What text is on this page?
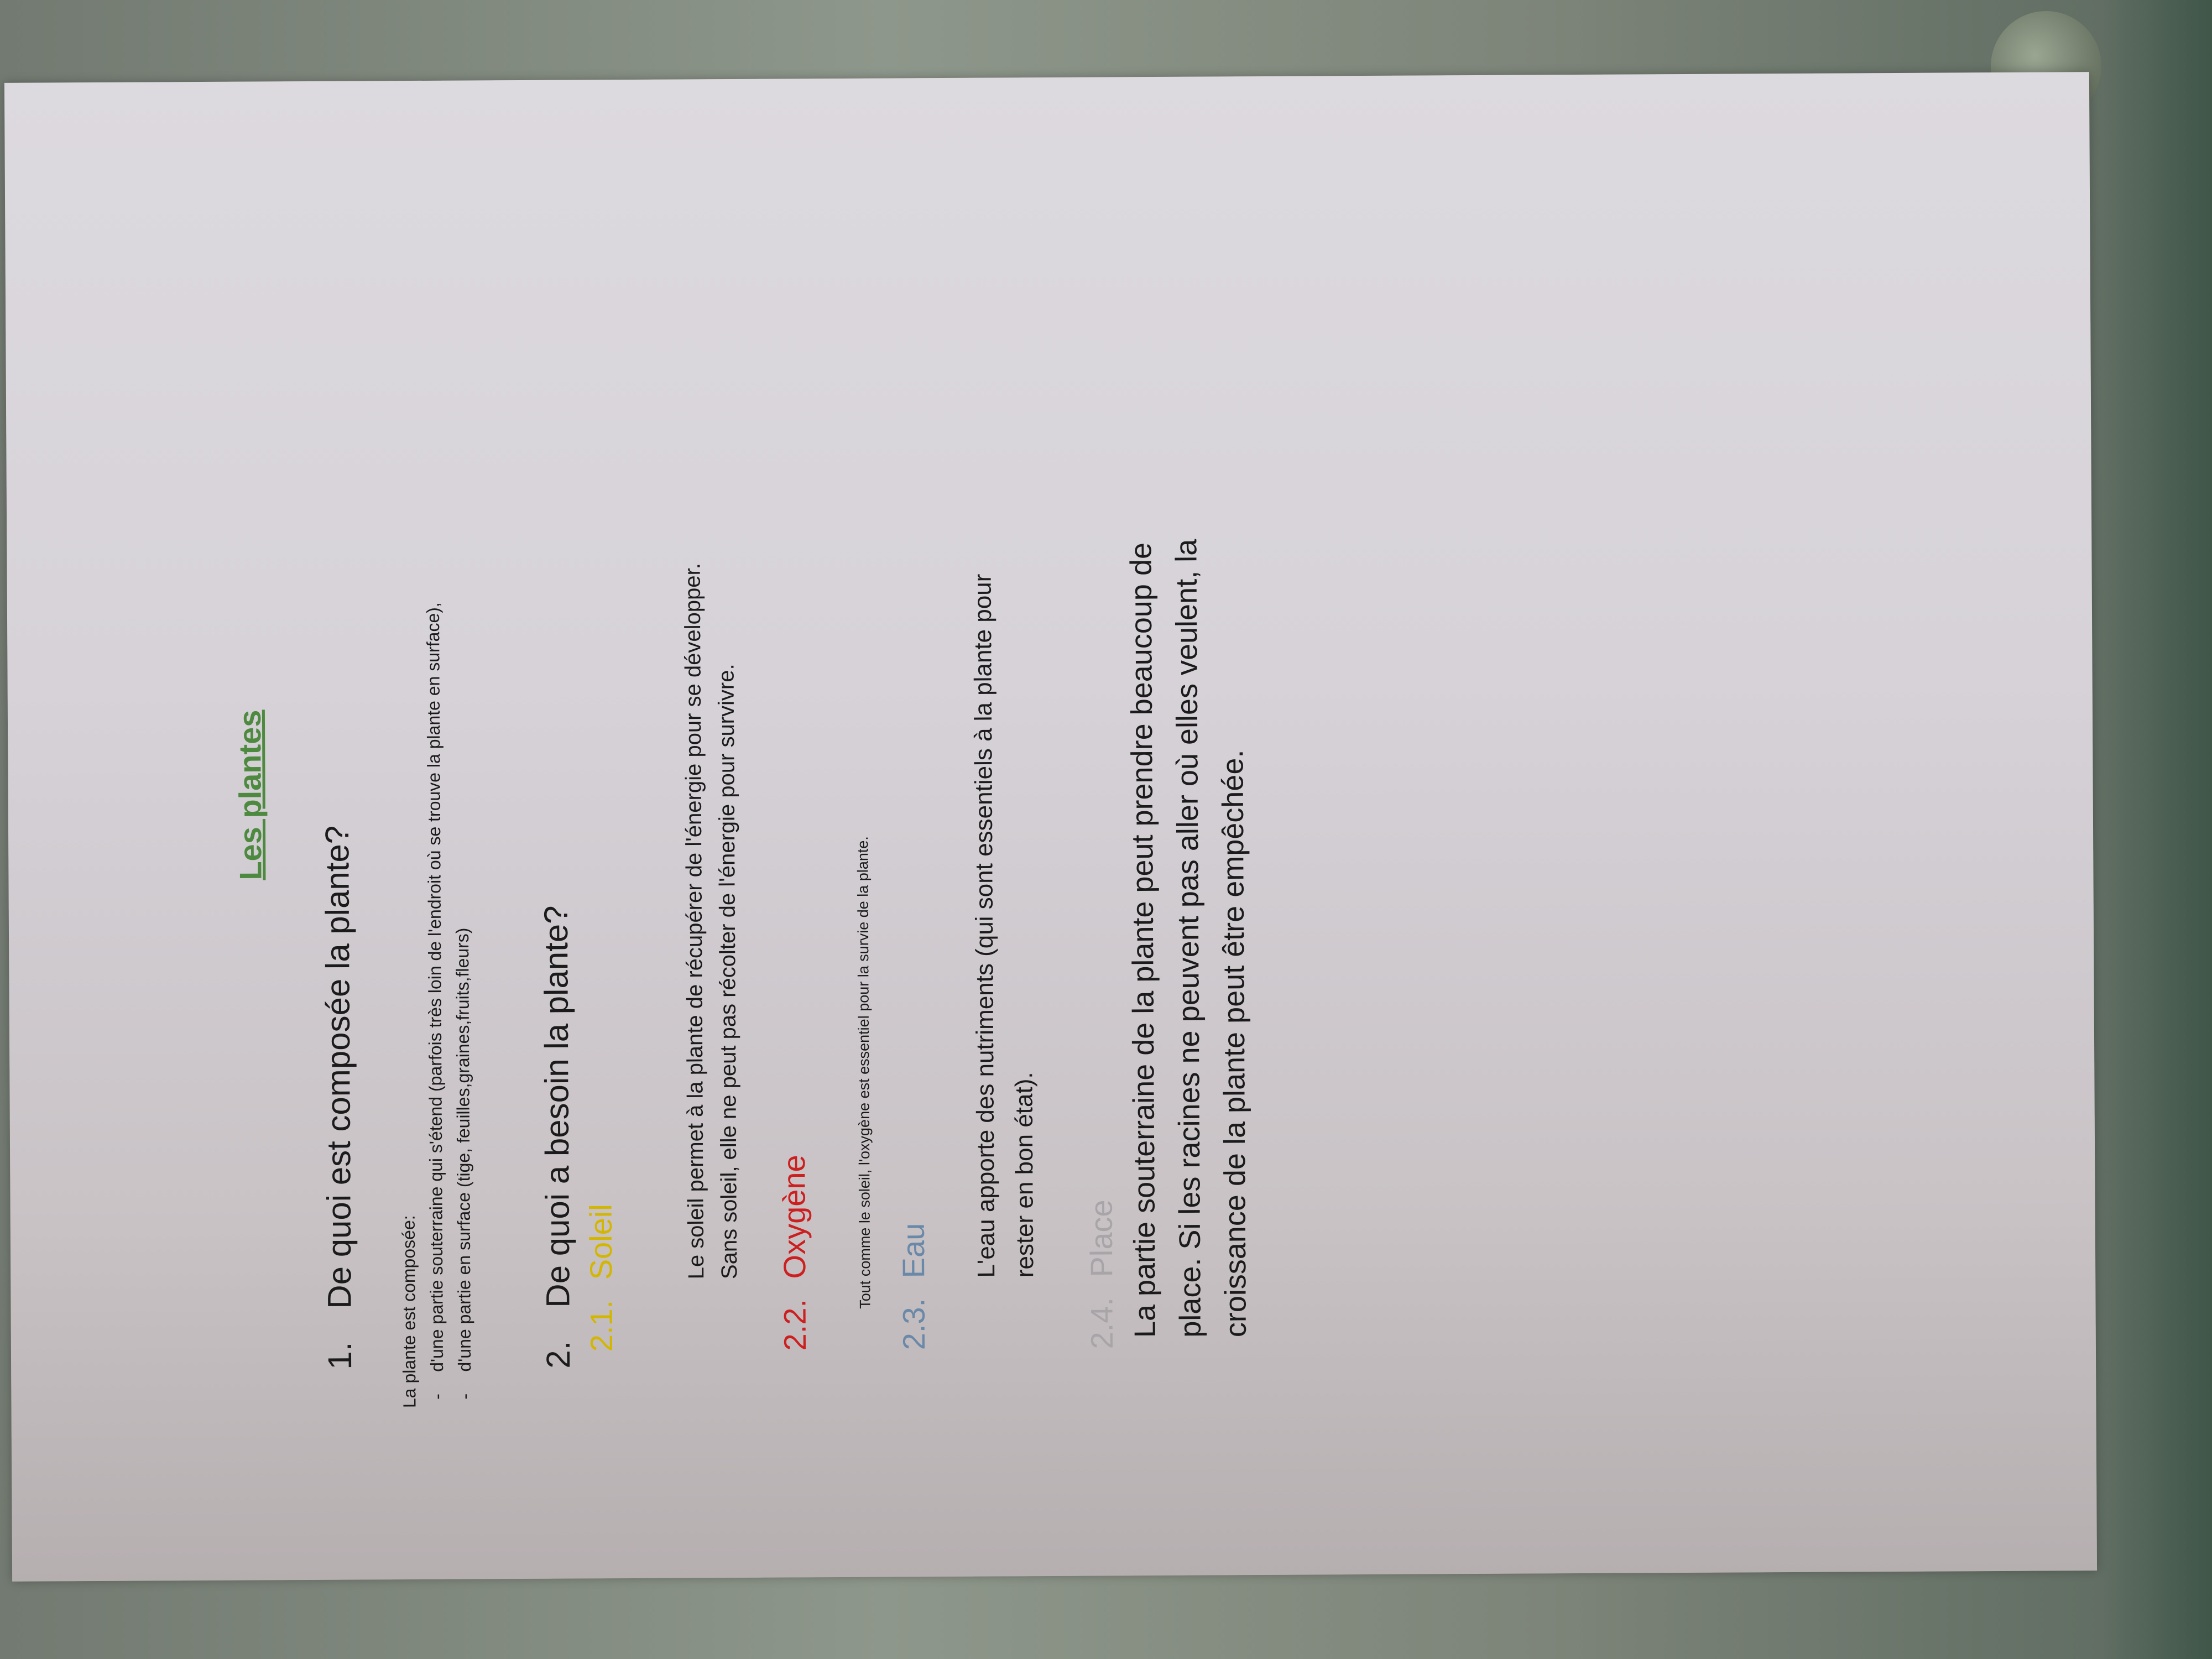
Les plantes
1.De quoi est composée la plante?
La plante est composée: -d'une partie souterraine qui s'étend (parfois très loin de l'endroit où se trouve la plante en surface),
-d'une partie en surface (tige, feuilles,graines,fruits,fleurs) 2.De quoi a besoin la plante?
2.1.Soleil	Le soleil permet à la plante de récupérer de l'énergie pour se développer. Sans soleil, elle ne peut pas récolter de l'énergie pour survivre.
2.2.Oxygène	Tout comme le soleil, l'oxygène est essentiel pour la survie de la plante.
2.3.Eau L'eau apporte des nutriments (qui sont essentiels à la plante pour rester en bon état).
2.4.Place La partie souterraine de la plante peut prendre beaucoup de place. Si les racines ne peuvent pas aller où elles veulent, la croissance de la plante peut être empêchée.
